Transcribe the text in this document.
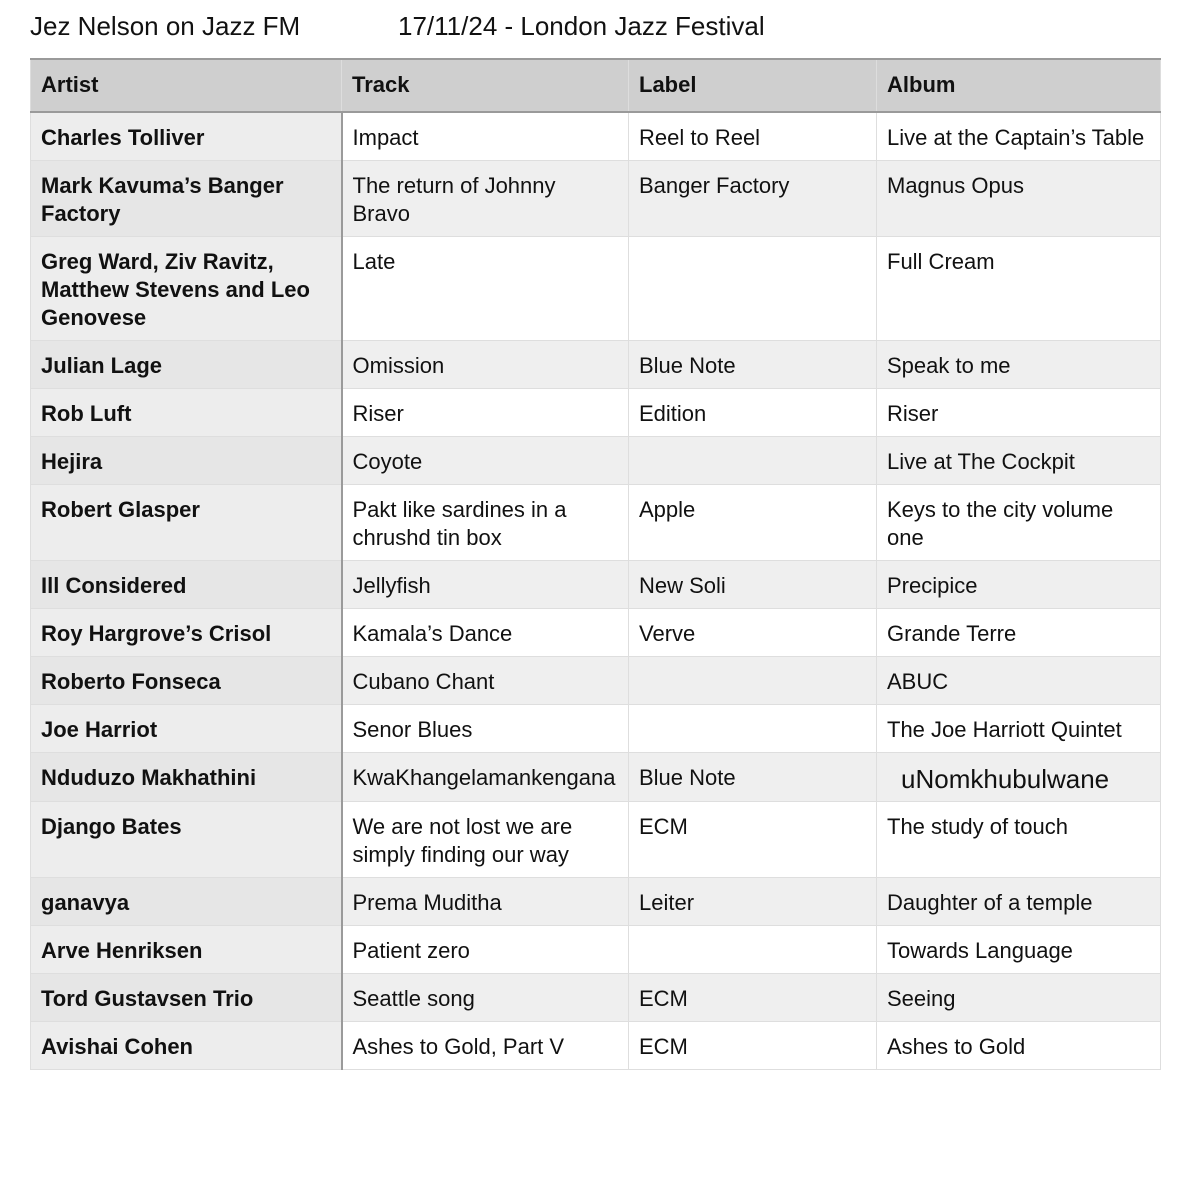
Jez Nelson on Jazz FM	17/11/24 - London Jazz Festival
Artist	Track	Label	Album
Charles Tolliver	Impact	Reel to Reel	Live at the Captain’s Table
Mark Kavuma’s Banger Factory	The return of Johnny Bravo	Banger Factory	Magnus Opus
Greg Ward, Ziv Ravitz, Matthew Stevens and Leo Genovese	Late		Full Cream
Julian Lage	Omission	Blue Note	Speak to me
Rob Luft	Riser	Edition	Riser
Hejira	Coyote		Live at The Cockpit
Robert Glasper	Pakt like sardines in a chrushd tin box	Apple	Keys to the city volume one
Ill Considered	Jellyfish	New Soli	Precipice
Roy Hargrove’s Crisol	Kamala’s Dance	Verve	Grande Terre
Roberto Fonseca	Cubano Chant		ABUC
Joe Harriot	Senor Blues		The Joe Harriott Quintet
Nduduzo Makhathini	KwaKhangelamankengana	Blue Note	uNomkhubulwane
Django Bates	We are not lost we are simply finding our way	ECM	The study of touch
ganavya	Prema Muditha	Leiter	Daughter of a temple
Arve Henriksen	Patient zero		Towards Language
Tord Gustavsen Trio	Seattle song	ECM	Seeing
Avishai Cohen	Ashes to Gold, Part V	ECM	Ashes to Gold
